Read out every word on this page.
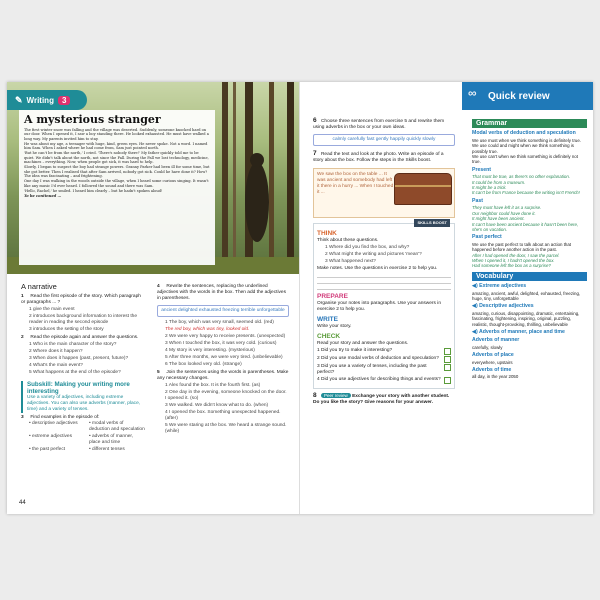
✎ Writing	3
A mysterious stranger

The first winter snow was falling and the village was deserted. Suddenly, someone knocked hard on our door. When I opened it, I saw a boy standing there. He looked exhausted. He must have walked a long way. My parents invited him to stay.

He was about my age, a teenager with huge, kind, green eyes. He never spoke. Not a word. I named him Sam. When I asked where he had come from, Sam just pointed north.

'But he can't be from the north,' I cried. 'There's nobody there!' My father quickly told me to be quiet. We didn't talk about the north, not since the Fall. During the Fall we lost technology, medicine, machines – everything. Now, when people got sick, it was hard to help.

Slowly, I began to suspect the boy had strange powers. Granny Parker had been ill for some time, but she got better. Then I realised that after Sam arrived, nobody got sick. Could he have done it? How? The idea was fascinating – and frightening.

One day I was walking in the woods outside the village, when I heard some curious singing. It wasn't like any music I'd ever heard. I followed the sound and there was Sam.

'Hello, Rachel,' he smiled. I heard him clearly – but he hadn't spoken aloud!

To be continued ...

A narrative
1 Read the first episode of the story. Which paragraph or paragraphs ... ?
1 give the main event
2 introduces background information to interest the reader in reading the second episode
3 introduces the setting of the story
2 Read the episode again and answer the questions.
1 Who is the main character of the story?
2 Where does it happen?
3 When does it happen (past, present, future)?
4 What's the main event?
5 What happens at the end of the episode?
Subskill: Making your writing more interesting
Use a variety of adjectives, including extreme adjectives. You can also use adverbs (manner, place, time) and a variety of tenses.
3 Find examples in the episode of:
• descriptive adjectives	• modal verbs of deduction and speculation
• extreme adjectives	• adverbs of manner, place and time
• the past perfect	• different tenses
4 Rewrite the sentences, replacing the underlined adjectives with the words in the box. Then add the adjectives in parentheses.
ancient delighted exhausted freezing terrible unforgettable
1 The boy, which was very small, seemed old. (red)
The red boy, which was tiny, looked old.
2 We were very happy to receive presents. (unexpected)
3 When I touched the box, it was very cold. (curious)
4 My story is very interesting. (mysterious)
5 After three months, we were very tired. (unbelievable)
6 The box looked very old. (strange)
5 Join the sentences using the words in parentheses. Make any necessary changes.
1 Alex found the box. It is the fourth first. (as)
2 One day in the evening, someone knocked on the door. I opened it. (so)
3 We walked. We didn't know what to do. (when)
4 I opened the box. Something unexpected happened. (after)
5 We were staring at the box. We heard a strange sound. (while)
44
6 Choose three sentences from exercise 5 and rewrite them using adverbs in the box or your own ideas.
calmly carefully fast gently happily quickly slowly
7 Read the text and look at the photo. Write an episode of a story about the box. Follow the steps in the Skills boost.
We saw the box on the table ... It was ancient and somebody had left it there in a hurry ... When I touched it ...
SKILLS BOOST
THINK
Think about these questions.
1 Where did you find the box, and why?
2 What might the writing and pictures 'mean'?
3 What happened next?
Make notes. Use the questions in exercise 2 to help you.
PREPARE
Organise your notes into paragraphs. Use your answers in exercise 2 to help you.
WRITE
Write your story.
CHECK
Read your story and answer the questions.
1 Did you try to make it interesting?
2 Did you use modal verbs of deduction and speculation?
3 Did you use a variety of tenses, including the past perfect?
4 Did you use adjectives for describing things and events?
8 Peer review Exchange your story with another student. Do you like the story? Give reasons for your answer.
∞ Quick review
Grammar
Modal verbs of deduction and speculation
We use must when we think something is definitely true.
We use could and might when we think something is possibly true.
We use can't when we think something is definitely not true.
Present
That must be true, as there's no other explanation.
It could be from a museum.
It might be a trick.
It can't be from France because the writing isn't French!
Past
They must have left it as a surprise.
Our neighbor could have done it.
It might have been ancient.
It can't have been ancient because it hasn't been here, she's on vacation.
Past perfect
We use the past perfect to talk about an action that happened before another action in the past.
After I had opened the door, I saw the parcel.
When I opened it, I hadn't opened the box.
Had someone left the box as a surprise?
Vocabulary
◀) Extreme adjectives
amazing, ancient, awful, delighted, exhausted, freezing, huge, tiny, unforgettable
◀) Descriptive adjectives
amazing, curious, disappointing, dramatic, entertaining, fascinating, frightening, inspiring, original, puzzling, realistic, thought-provoking, thrilling, unbelievable
◀) Adverbs of manner, place and time
Adverbs of manner
carefully, slowly
Adverbs of place
everywhere, upstairs
Adverbs of time
all day, in the year 2050
